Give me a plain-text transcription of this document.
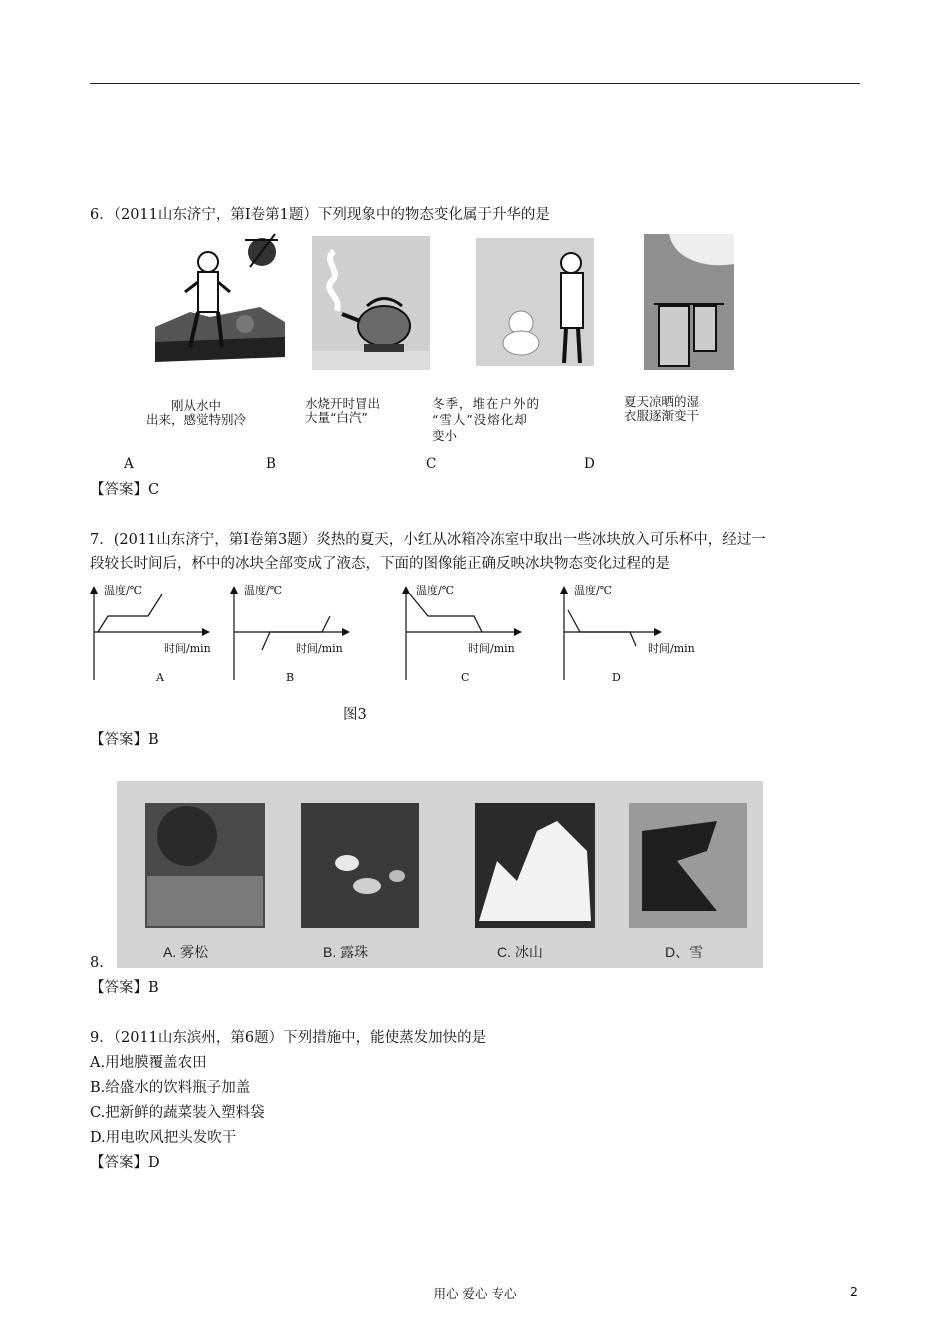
6．（2011山东济宁，第Ⅰ卷第1题）下列现象中的物态变化属于升华的是
刚从水中
出来，感觉特别冷
水烧开时冒出
大量“白汽”
冬季，堆在户外的
“雪人”没熔化却
变小
夏天凉晒的湿
衣服逐渐变干
A	B	C	D
【答案】C
7．(2011山东济宁，第Ⅰ卷第3题）炎热的夏天，小红从冰箱冷冻室中取出一些冰块放入可乐杯中，经过一
段较长时间后，杯中的冰块全部变成了液态，下面的图像能正确反映冰块物态变化过程的是
温度/℃
时间/min
A
温度/℃
时间/min
B
温度/℃
时间/min
C
温度/℃
时间/min
D
图3
【答案】B
A. 雾松	B. 露珠	C. 冰山	D、雪
8.
【答案】B
9．（2011山东滨州，第6题）下列措施中，能使蒸发加快的是
A.用地膜覆盖农田
B.给盛水的饮料瓶子加盖
C.把新鲜的蔬菜装入塑料袋
D.用电吹风把头发吹干
【答案】D
用心 爱心 专心	2
